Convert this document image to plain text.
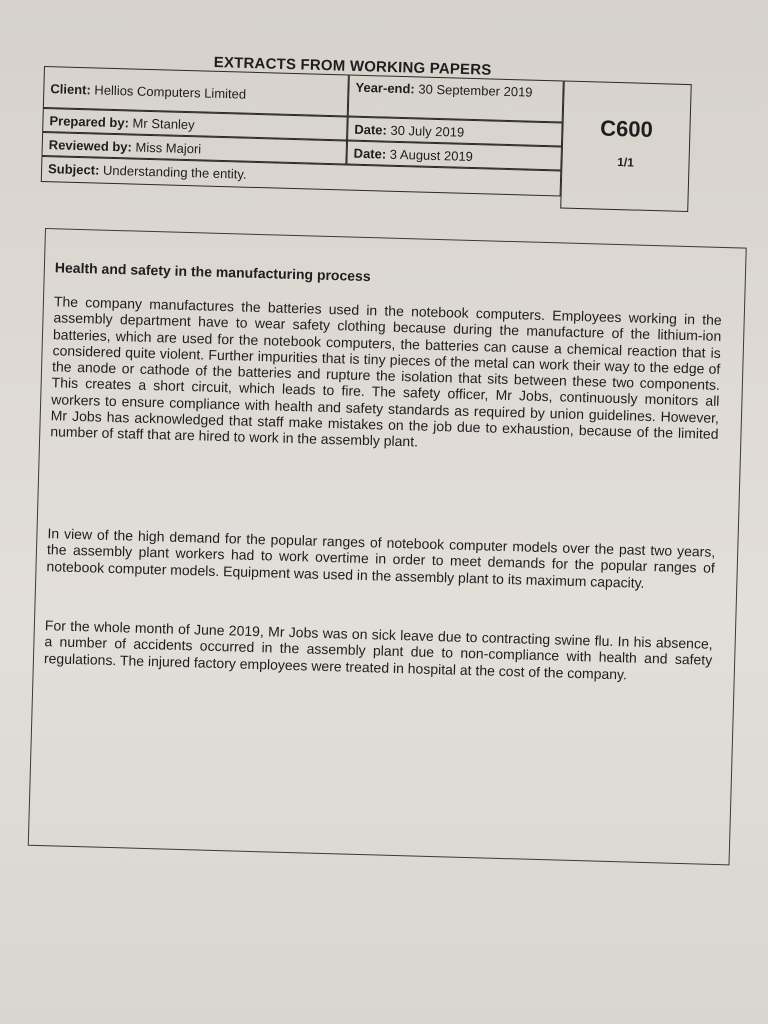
EXTRACTS FROM WORKING PAPERS
Client: Hellios Computers Limited	Year-end: 30 September 2019
Prepared by: Mr Stanley	Date: 30 July 2019
Reviewed by: Miss Majori	Date: 3 August 2019
Subject: Understanding the entity.
C600
1/1
Health and safety in the manufacturing process
The company manufactures the batteries used in the notebook computers. Employees working in the assembly department have to wear safety clothing because during the manufacture of the lithium-ion batteries, which are used for the notebook computers, the batteries can cause a chemical reaction that is considered quite violent. Further impurities that is tiny pieces of the metal can work their way to the edge of the anode or cathode of the batteries and rupture the isolation that sits between these two components. This creates a short circuit, which leads to fire. The safety officer, Mr Jobs, continuously monitors all workers to ensure compliance with health and safety standards as required by union guidelines. However, Mr Jobs has acknowledged that staff make mistakes on the job due to exhaustion, because of the limited number of staff that are hired to work in the assembly plant.
In view of the high demand for the popular ranges of notebook computer models over the past two years, the assembly plant workers had to work overtime in order to meet demands for the popular ranges of notebook computer models. Equipment was used in the assembly plant to its maximum capacity.
For the whole month of June 2019, Mr Jobs was on sick leave due to contracting swine flu. In his absence, a number of accidents occurred in the assembly plant due to non-compliance with health and safety regulations. The injured factory employees were treated in hospital at the cost of the company.
